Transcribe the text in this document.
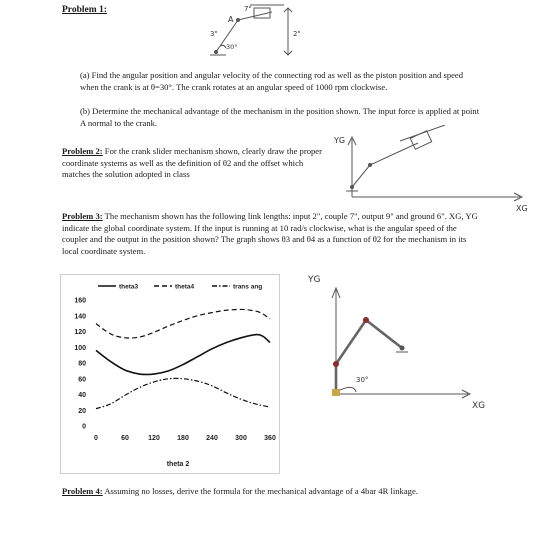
Problem 1:
A
3"
7"
2"
30°
(a) Find the angular position and angular velocity of the connecting rod as well as the piston position and speed when the crank is at θ=30°. The crank rotates at an angular speed of 1000 rpm clockwise.
(b) Determine the mechanical advantage of the mechanism in the position shown. The input force is applied at point A normal to the crank.
Problem 2: For the crank slider mechanism shown, clearly draw the proper coordinate systems as well as the definition of θ2 and the offset which matches the solution adopted in class
YG
XG
Problem 3: The mechanism shown has the following link lengths: input 2", couple 7", output 9" and ground 6". XG, YG indicate the global coordinate system. If the input is running at 10 rad/s clockwise, what is the angular speed of the coupler and the output in the position shown? The graph shows θ3 and θ4 as a function of θ2 for the mechanism in its local coordinate system.
theta3	theta4	trans ang
0
20
40
60
80
100
120
140
160
0	60	120 180 240 300 360
theta 2
YG
XG
30°
Problem 4: Assuming no losses, derive the formula for the mechanical advantage of a 4bar 4R linkage.
